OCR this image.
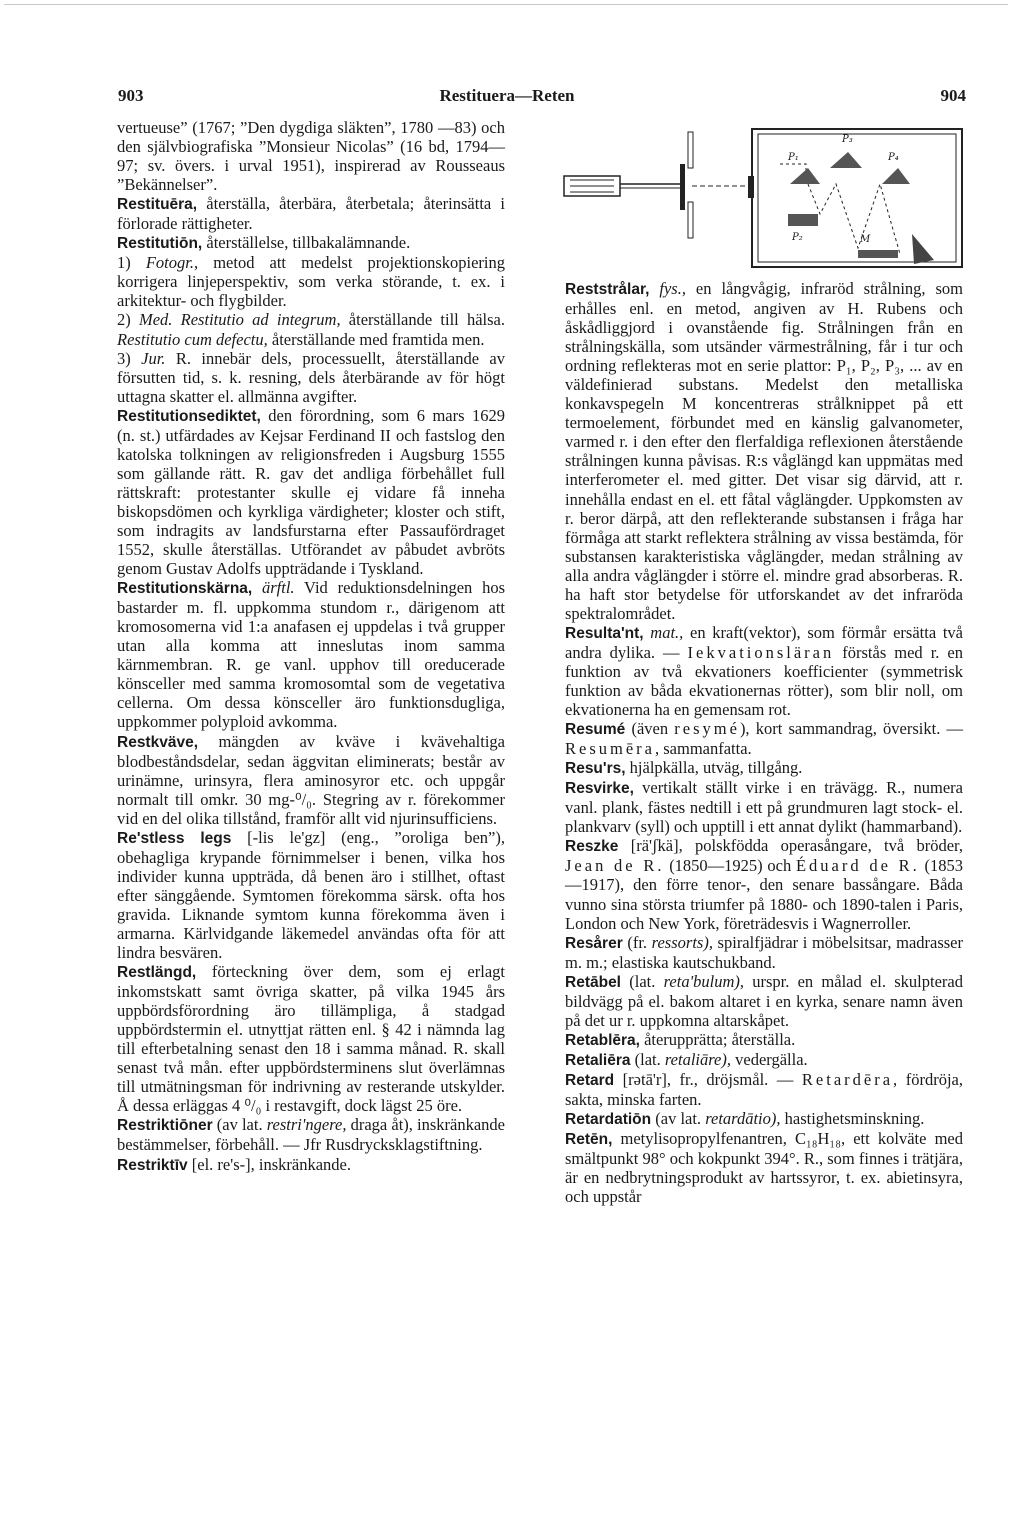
903	Restituera—Reten	904

vertueuse” (1767; ”Den dygdiga släkten”, 1780 —83) och den självbiografiska ”Monsieur Nicolas” (16 bd, 1794—97; sv. övers. i urval 1951), inspirerad av Rousseaus ”Bekännelser”.

Restituēra, återställa, återbära, återbetala; återinsätta i förlorade rättigheter.

Restitutiōn, återställelse, tillbakalämnande.

1) Fotogr., metod att medelst projektionskopiering korrigera linjeperspektiv, som verka störande, t. ex. i arkitektur- och flygbilder.

2) Med. Restitutio ad integrum, återställande till hälsa. Restitutio cum defectu, återställande med framtida men.

3) Jur. R. innebär dels, processuellt, återställande av försutten tid, s. k. resning, dels återbärande av för högt uttagna skatter el. allmänna avgifter.

Restitutionsediktet, den förordning, som 6 mars 1629 (n. st.) utfärdades av Kejsar Ferdinand II och fastslog den katolska tolkningen av religionsfreden i Augsburg 1555 som gällande rätt. R. gav det andliga förbehållet full rättskraft: protestanter skulle ej vidare få inneha biskopsdömen och kyrkliga värdigheter; kloster och stift, som indragits av landsfurstarna efter Passaufördraget 1552, skulle återställas. Utförandet av påbudet avbröts genom Gustav Adolfs uppträdande i Tyskland.

Restitutionskärna, ärftl. Vid reduktionsdelningen hos bastarder m. fl. uppkomma stundom r., därigenom att kromosomerna vid 1:a anafasen ej uppdelas i två grupper utan alla komma att inneslutas inom samma kärnmembran. R. ge vanl. upphov till oreducerade könsceller med samma kromosomtal som de vegetativa cellerna. Om dessa könsceller äro funktionsdugliga, uppkommer polyploid avkomma.

Restkväve, mängden av kväve i kvävehaltiga blodbeståndsdelar, sedan äggvitan eliminerats; består av urinämne, urinsyra, flera aminosyror etc. och uppgår normalt till omkr. 30 mg-⁰/₀. Stegring av r. förekommer vid en del olika tillstånd, framför allt vid njurinsufficiens.

Re'stless legs [-lis le'gz] (eng., ”oroliga ben”), obehagliga krypande förnimmelser i benen, vilka hos individer kunna uppträda, då benen äro i stillhet, oftast efter sänggående. Symtomen förekomma särsk. ofta hos gravida. Liknande symtom kunna förekomma även i armarna. Kärlvidgande läkemedel användas ofta för att lindra besvären.

Restlängd, förteckning över dem, som ej erlagt inkomstskatt samt övriga skatter, på vilka 1945 års uppbördsförordning äro tillämpliga, å stadgad uppbördstermin el. utnyttjat rätten enl. § 42 i nämnda lag till efterbetalning senast den 18 i samma månad. R. skall senast två mån. efter uppbördsterminens slut överlämnas till utmätningsman för indrivning av resterande utskylder. Å dessa erläggas 4 ⁰/₀ i restavgift, dock lägst 25 öre.

Restriktiōner (av lat. restri'ngere, draga åt), inskränkande bestämmelser, förbehåll. — Jfr Rusdrycksklagstiftning.

Restriktīv [el. re's-], inskränkande.

P₁
P₂
P₃
M
P₄

Reststrålar, fys., en långvågig, infraröd strålning, som erhålles enl. en metod, angiven av H. Rubens och åskådliggjord i ovanstående fig. Strålningen från en strålningskälla, som utsänder värmestrålning, får i tur och ordning reflekteras mot en serie plattor: P₁, P₂, P₃, ... av en väldefinierad substans. Medelst den metalliska konkavspegeln M koncentreras strålknippet på ett termoelement, förbundet med en känslig galvanometer, varmed r. i den efter den flerfaldiga reflexionen återstående strålningen kunna påvisas. R:s våglängd kan uppmätas med interferometer el. med gitter. Det visar sig därvid, att r. innehålla endast en el. ett fåtal våglängder. Uppkomsten av r. beror därpå, att den reflekterande substansen i fråga har förmåga att starkt reflektera strålning av vissa bestämda, för substansen karakteristiska våglängder, medan strålning av alla andra våglängder i större el. mindre grad absorberas. R. ha haft stor betydelse för utforskandet av det infraröda spektralområdet.

Resulta'nt, mat., en kraft(vektor), som förmår ersätta två andra dylika. — Iekvationsläran förstås med r. en funktion av två ekvationers koefficienter (symmetrisk funktion av båda ekvationernas rötter), som blir noll, om ekvationerna ha en gemensam rot.

Resumé (även resymé), kort sammandrag, översikt. — Resumēra, sammanfatta.

Resu'rs, hjälpkälla, utväg, tillgång.

Resvirke, vertikalt ställt virke i en trävägg. R., numera vanl. plank, fästes nedtill i ett på grundmuren lagt stock- el. plankvarv (syll) och upptill i ett annat dylikt (hammarband).

Reszke [rä'ʃkä], polskfödda operasångare, två bröder, Jean de R. (1850—1925) och Éduard de R. (1853—1917), den förre tenor-, den senare bassångare. Båda vunno sina största triumfer på 1880- och 1890-talen i Paris, London och New York, företrädesvis i Wagnerroller.

Resårer (fr. ressorts), spiralfjädrar i möbelsitsar, madrasser m. m.; elastiska kautschukband.

Retābel (lat. reta'bulum), urspr. en målad el. skulpterad bildvägg på el. bakom altaret i en kyrka, senare namn även på det ur r. uppkomna altarskåpet.

Retablēra, återupprätta; återställa.

Retaliēra (lat. retaliāre), vedergälla.

Retard [rətā'r], fr., dröjsmål. — Retardēra, fördröja, sakta, minska farten.

Retardatiōn (av lat. retardātio), hastighetsminskning.

Retēn, metylisopropylfenantren, C₁₈H₁₈, ett kolväte med smältpunkt 98° och kokpunkt 394°. R., som finnes i trätjära, är en nedbrytningsprodukt av hartssyror, t. ex. abietinsyra, och uppstår
